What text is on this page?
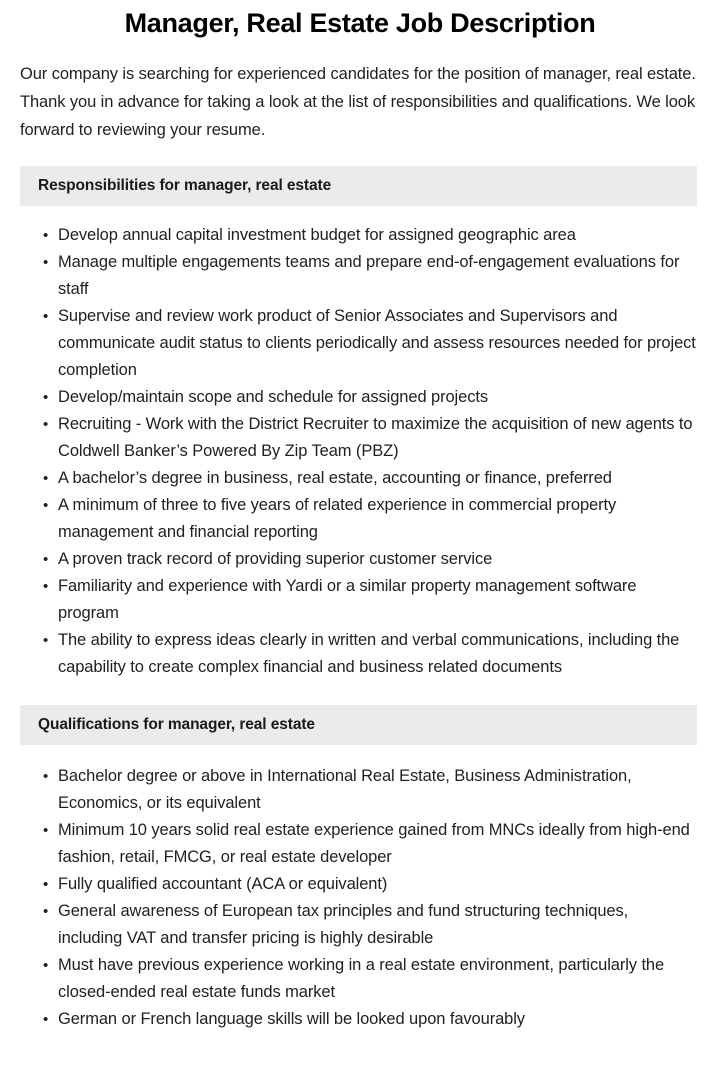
Manager, Real Estate Job Description

Our company is searching for experienced candidates for the position of manager, real estate. Thank you in advance for taking a look at the list of responsibilities and qualifications. We look forward to reviewing your resume.

Responsibilities for manager, real estate
• Develop annual capital investment budget for assigned geographic area
• Manage multiple engagements teams and prepare end-of-engagement evaluations for staff
• Supervise and review work product of Senior Associates and Supervisors and communicate audit status to clients periodically and assess resources needed for project completion
• Develop/maintain scope and schedule for assigned projects
• Recruiting - Work with the District Recruiter to maximize the acquisition of new agents to Coldwell Banker’s Powered By Zip Team (PBZ)
• A bachelor’s degree in business, real estate, accounting or finance, preferred
• A minimum of three to five years of related experience in commercial property management and financial reporting
• A proven track record of providing superior customer service
• Familiarity and experience with Yardi or a similar property management software program
• The ability to express ideas clearly in written and verbal communications, including the capability to create complex financial and business related documents
Qualifications for manager, real estate
• Bachelor degree or above in International Real Estate, Business Administration, Economics, or its equivalent
• Minimum 10 years solid real estate experience gained from MNCs ideally from high-end fashion, retail, FMCG, or real estate developer
• Fully qualified accountant (ACA or equivalent)
• General awareness of European tax principles and fund structuring techniques, including VAT and transfer pricing is highly desirable
• Must have previous experience working in a real estate environment, particularly the closed-ended real estate funds market
• German or French language skills will be looked upon favourably
